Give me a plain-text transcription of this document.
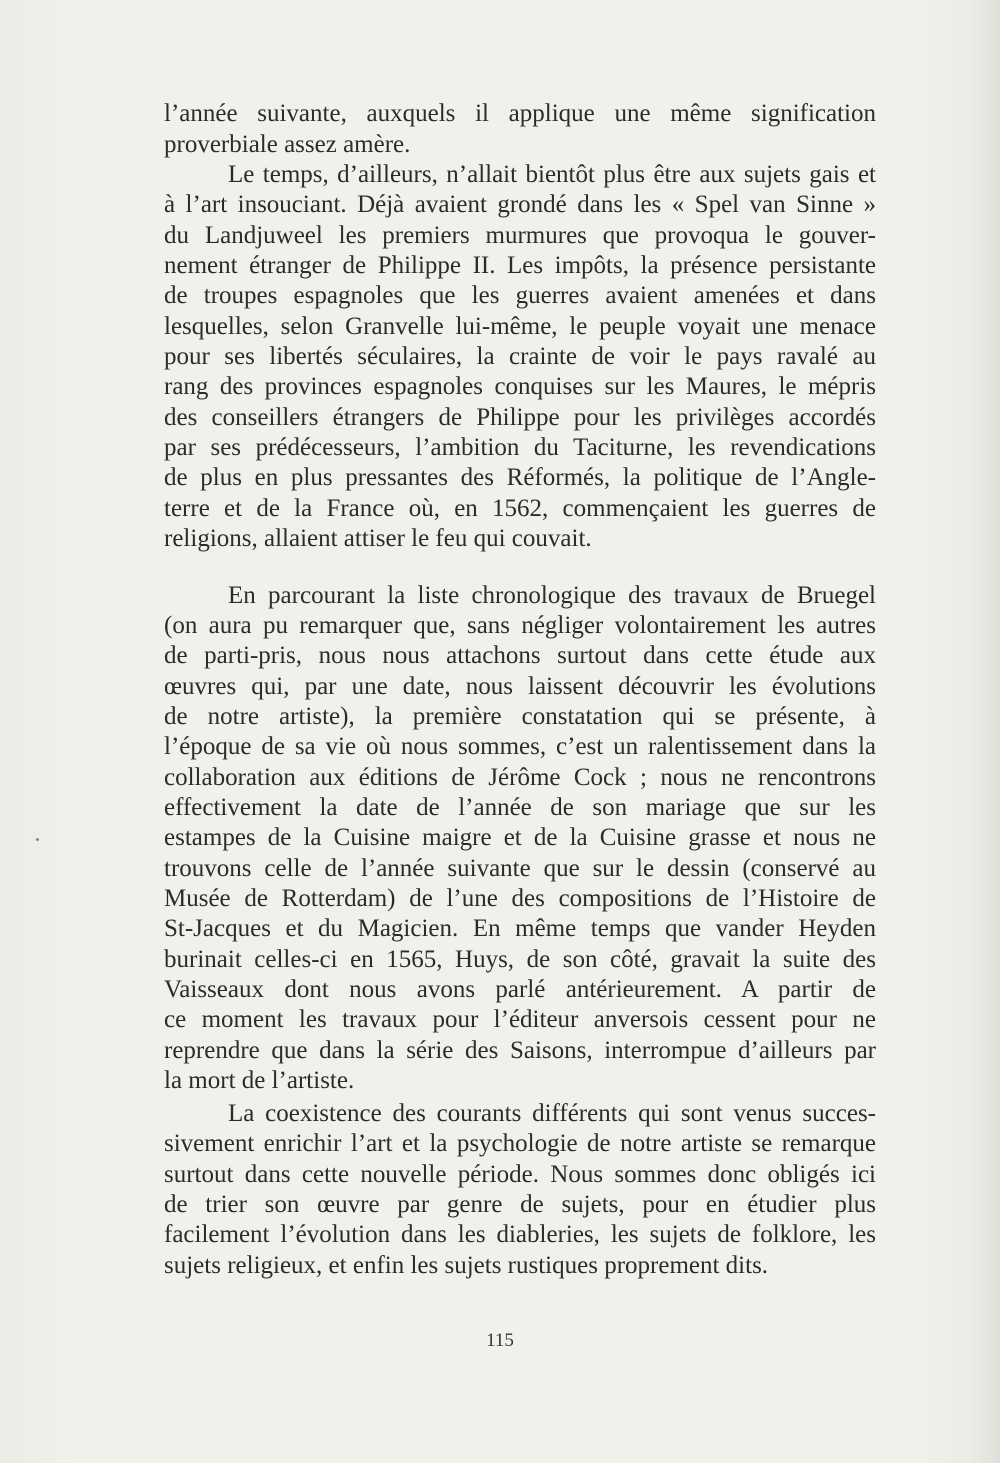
l’année suivante, auxquels il applique une même signification
proverbiale assez amère.
Le temps, d’ailleurs, n’allait bientôt plus être aux sujets gais et
à l’art insouciant. Déjà avaient grondé dans les « Spel van Sinne »
du Landjuweel les premiers murmures que provoqua le gouver-
nement étranger de Philippe II. Les impôts, la présence persistante
de troupes espagnoles que les guerres avaient amenées et dans
lesquelles, selon Granvelle lui-même, le peuple voyait une menace
pour ses libertés séculaires, la crainte de voir le pays ravalé au
rang des provinces espagnoles conquises sur les Maures, le mépris
des conseillers étrangers de Philippe pour les privilèges accordés
par ses prédécesseurs, l’ambition du Taciturne, les revendications
de plus en plus pressantes des Réformés, la politique de l’Angle-
terre et de la France où, en 1562, commençaient les guerres de
religions, allaient attiser le feu qui couvait.
En parcourant la liste chronologique des travaux de Bruegel
(on aura pu remarquer que, sans négliger volontairement les autres
de parti-pris, nous nous attachons surtout dans cette étude aux
œuvres qui, par une date, nous laissent découvrir les évolutions
de notre artiste), la première constatation qui se présente, à
l’époque de sa vie où nous sommes, c’est un ralentissement dans la
collaboration aux éditions de Jérôme Cock ; nous ne rencontrons
effectivement la date de l’année de son mariage que sur les
estampes de la Cuisine maigre et de la Cuisine grasse et nous ne
trouvons celle de l’année suivante que sur le dessin (conservé au
Musée de Rotterdam) de l’une des compositions de l’Histoire de
St-Jacques et du Magicien. En même temps que vander Heyden
burinait celles-ci en 1565, Huys, de son côté, gravait la suite des
Vaisseaux dont nous avons parlé antérieurement. A partir de
ce moment les travaux pour l’éditeur anversois cessent pour ne
reprendre que dans la série des Saisons, interrompue d’ailleurs par
la mort de l’artiste.
La coexistence des courants différents qui sont venus succes-
sivement enrichir l’art et la psychologie de notre artiste se remarque
surtout dans cette nouvelle période. Nous sommes donc obligés ici
de trier son œuvre par genre de sujets, pour en étudier plus
facilement l’évolution dans les diableries, les sujets de folklore, les
sujets religieux, et enfin les sujets rustiques proprement dits.
115
